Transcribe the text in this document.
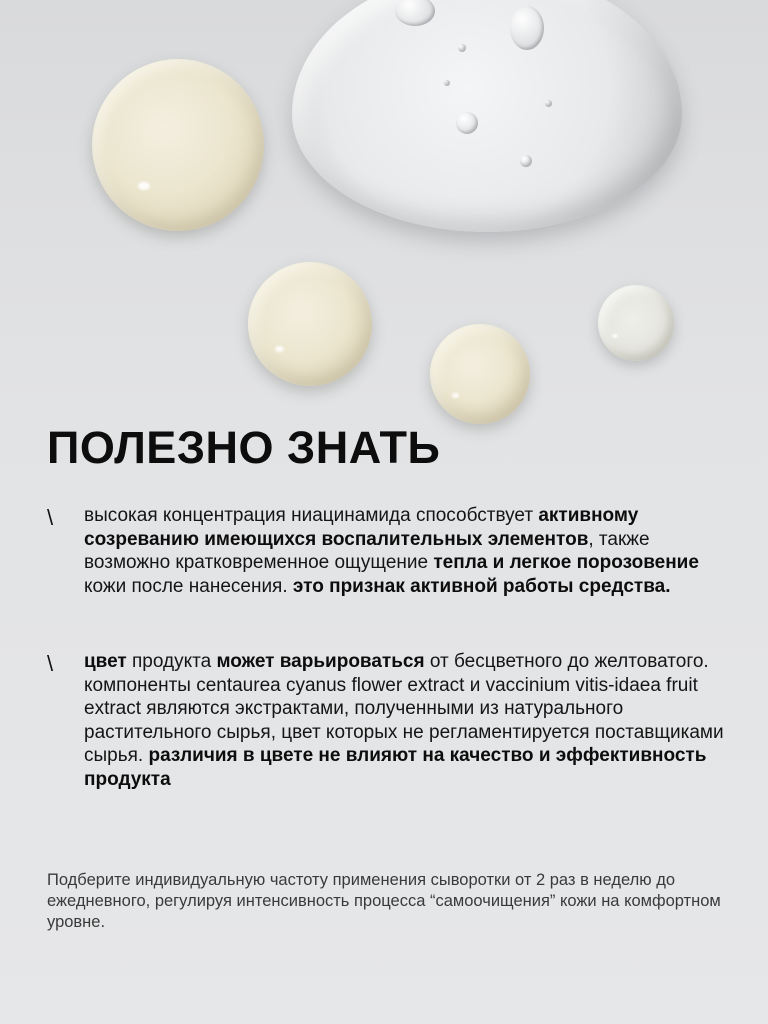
ПОЛЕЗНО ЗНАТЬ
\ высокая концентрация ниацинамида способствует активному созреванию имеющихся воспалительных элементов, также возможно кратковременное ощущение тепла и легкое порозовение кожи после нанесения. это признак активной работы средства.
\ цвет продукта может варьироваться от бесцветного до желтоватого. компоненты centaurea cyanus flower extract и vaccinium vitis-idaea fruit extract являются экстрактами, полученными из натурального растительного сырья, цвет которых не регламентируется поставщиками сырья. различия в цвете не влияют на качество и эффективность продукта

Подберите индивидуальную частоту применения сыворотки от 2 раз в неделю до ежедневного, регулируя интенсивность процесса “самоочищения” кожи на комфортном уровне.
